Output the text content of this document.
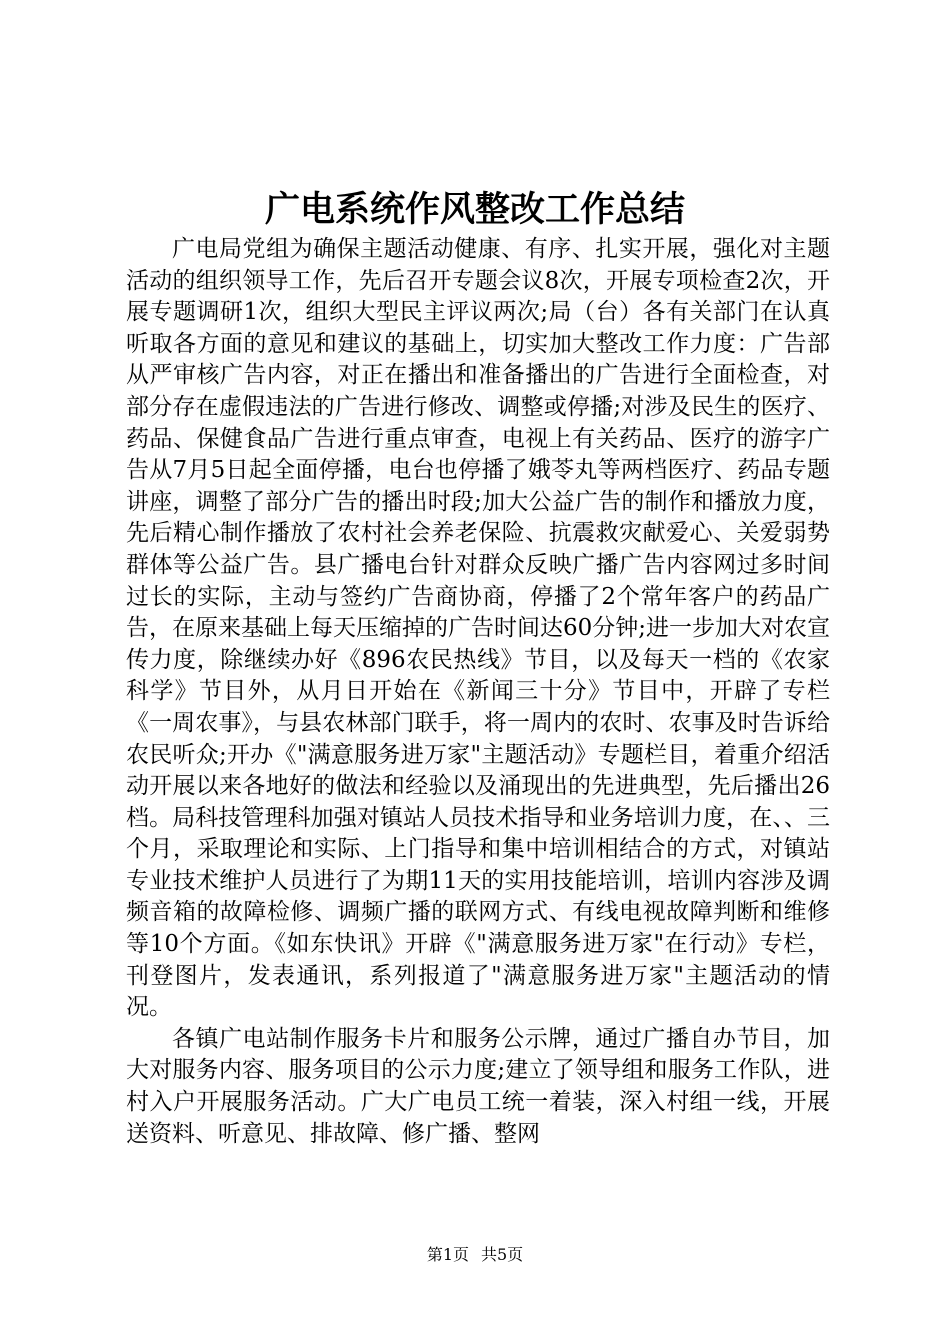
广电系统作风整改工作总结

广电局党组为确保主题活动健康、有序、扎实开展，强化对主题活动的组织领导工作，先后召开专题会议8次，开展专项检查2次，开展专题调研1次，组织大型民主评议两次;局（台）各有关部门在认真听取各方面的意见和建议的基础上，切实加大整改工作力度：广告部从严审核广告内容，对正在播出和准备播出的广告进行全面检查，对部分存在虚假违法的广告进行修改、调整或停播;对涉及民生的医疗、药品、保健食品广告进行重点审查，电视上有关药品、医疗的游字广告从7月5日起全面停播，电台也停播了娥苓丸等两档医疗、药品专题讲座，调整了部分广告的播出时段;加大公益广告的制作和播放力度，先后精心制作播放了农村社会养老保险、抗震救灾献爱心、关爱弱势群体等公益广告。县广播电台针对群众反映广播广告内容网过多时间过长的实际，主动与签约广告商协商，停播了2个常年客户的药品广告，在原来基础上每天压缩掉的广告时间达60分钟;进一步加大对农宣传力度，除继续办好《896农民热线》节目，以及每天一档的《农家科学》节目外，从月日开始在《新闻三十分》节目中，开辟了专栏《一周农事》，与县农林部门联手，将一周内的农时、农事及时告诉给农民听众;开办《"满意服务进万家"主题活动》专题栏目，着重介绍活动开展以来各地好的做法和经验以及涌现出的先进典型，先后播出26档。局科技管理科加强对镇站人员技术指导和业务培训力度，在、、三个月，采取理论和实际、上门指导和集中培训相结合的方式，对镇站专业技术维护人员进行了为期11天的实用技能培训，培训内容涉及调频音箱的故障检修、调频广播的联网方式、有线电视故障判断和维修等10个方面。《如东快讯》开辟《"满意服务进万家"在行动》专栏，刊登图片，发表通讯，系列报道了"满意服务进万家"主题活动的情况。

各镇广电站制作服务卡片和服务公示牌，通过广播自办节目，加大对服务内容、服务项目的公示力度;建立了领导组和服务工作队，进村入户开展服务活动。广大广电员工统一着装，深入村组一线，开展送资料、听意见、排故障、修广播、整网

第1页 共5页
